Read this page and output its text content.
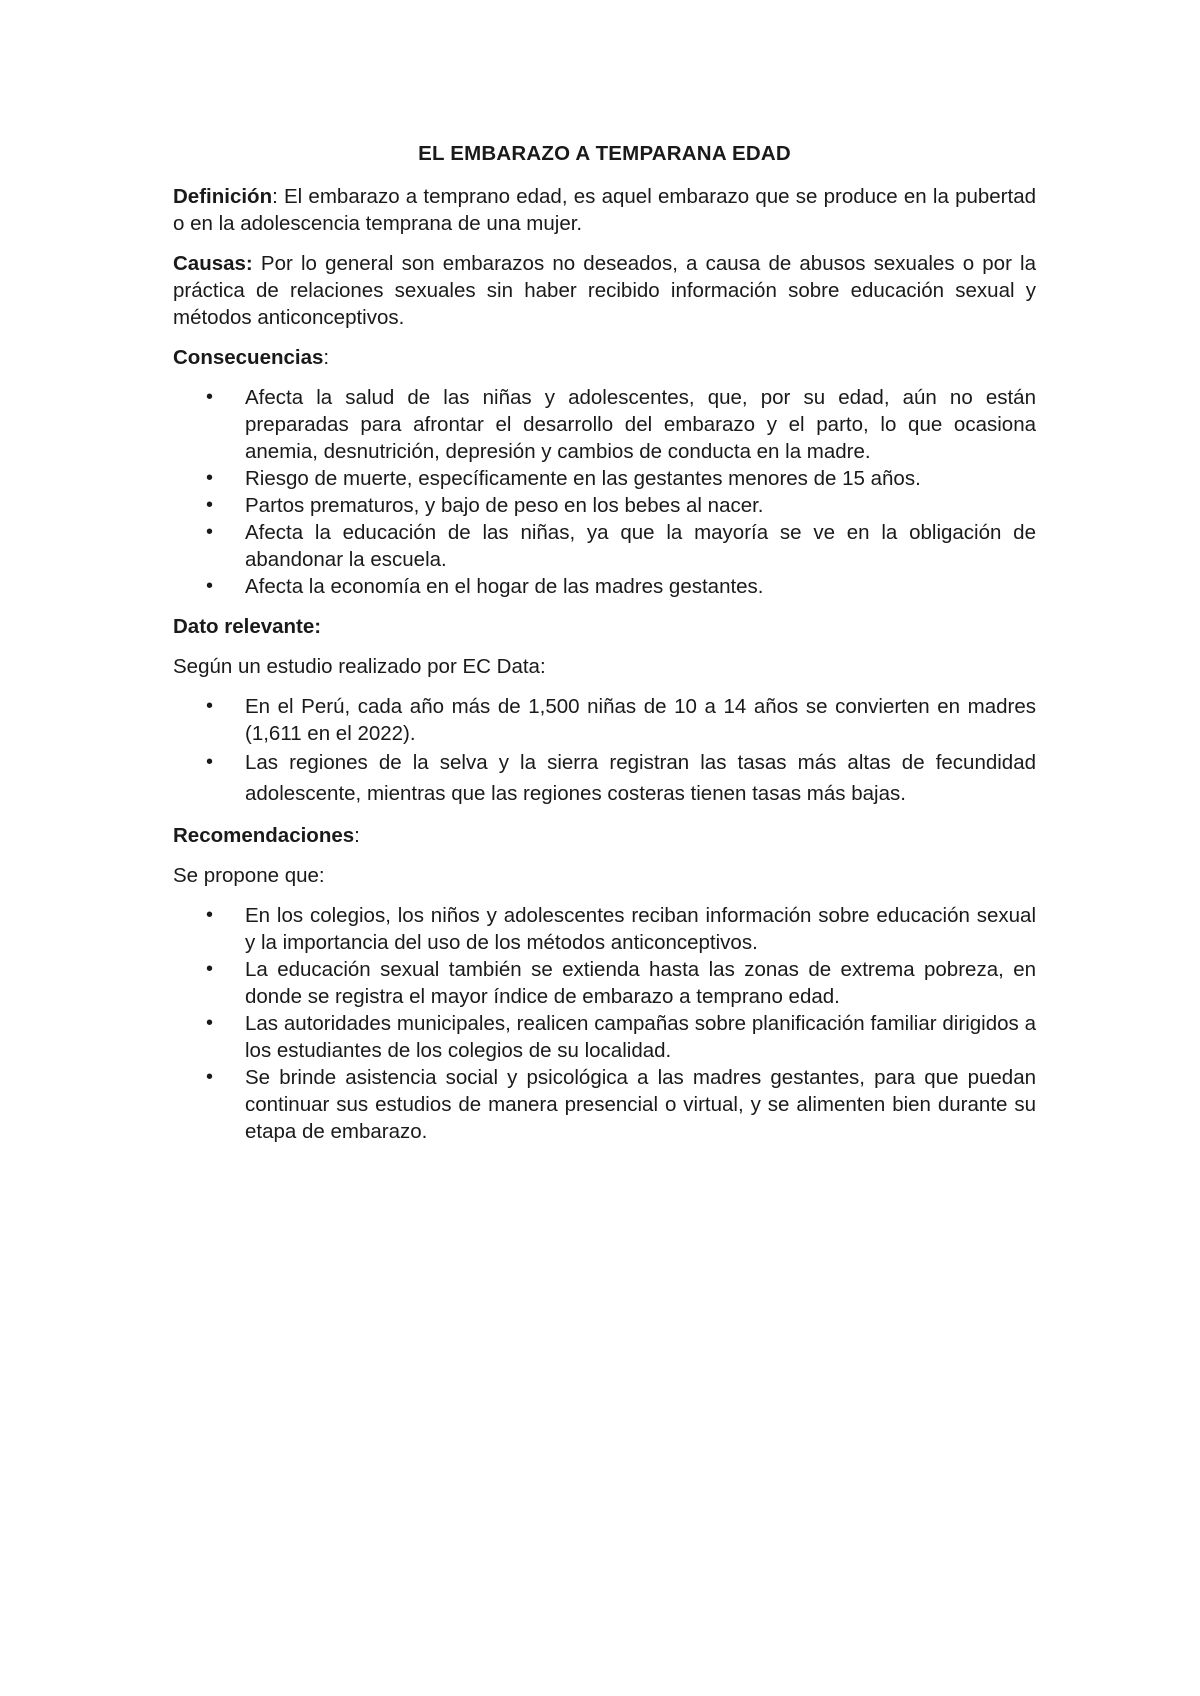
EL EMBARAZO A TEMPARANA EDAD

Definición: El embarazo a temprano edad, es aquel embarazo que se produce en la pubertad o en la adolescencia temprana de una mujer.

Causas: Por lo general son embarazos no deseados, a causa de abusos sexuales o por la práctica de relaciones sexuales sin haber recibido información sobre educación sexual y métodos anticonceptivos.

Consecuencias:

• Afecta la salud de las niñas y adolescentes, que, por su edad, aún no están preparadas para afrontar el desarrollo del embarazo y el parto, lo que ocasiona anemia, desnutrición, depresión y cambios de conducta en la madre.
• Riesgo de muerte, específicamente en las gestantes menores de 15 años.
• Partos prematuros, y bajo de peso en los bebes al nacer.
• Afecta la educación de las niñas, ya que la mayoría se ve en la obligación de abandonar la escuela.
• Afecta la economía en el hogar de las madres gestantes.

Dato relevante:

Según un estudio realizado por EC Data:

• En el Perú, cada año más de 1,500 niñas de 10 a 14 años se convierten en madres (1,611 en el 2022).
• Las regiones de la selva y la sierra registran las tasas más altas de fecundidad adolescente, mientras que las regiones costeras tienen tasas más bajas.

Recomendaciones:

Se propone que:

• En los colegios, los niños y adolescentes reciban información sobre educación sexual y la importancia del uso de los métodos anticonceptivos.
• La educación sexual también se extienda hasta las zonas de extrema pobreza, en donde se registra el mayor índice de embarazo a temprano edad.
• Las autoridades municipales, realicen campañas sobre planificación familiar dirigidos a los estudiantes de los colegios de su localidad.
• Se brinde asistencia social y psicológica a las madres gestantes, para que puedan continuar sus estudios de manera presencial o virtual, y se alimenten bien durante su etapa de embarazo.
